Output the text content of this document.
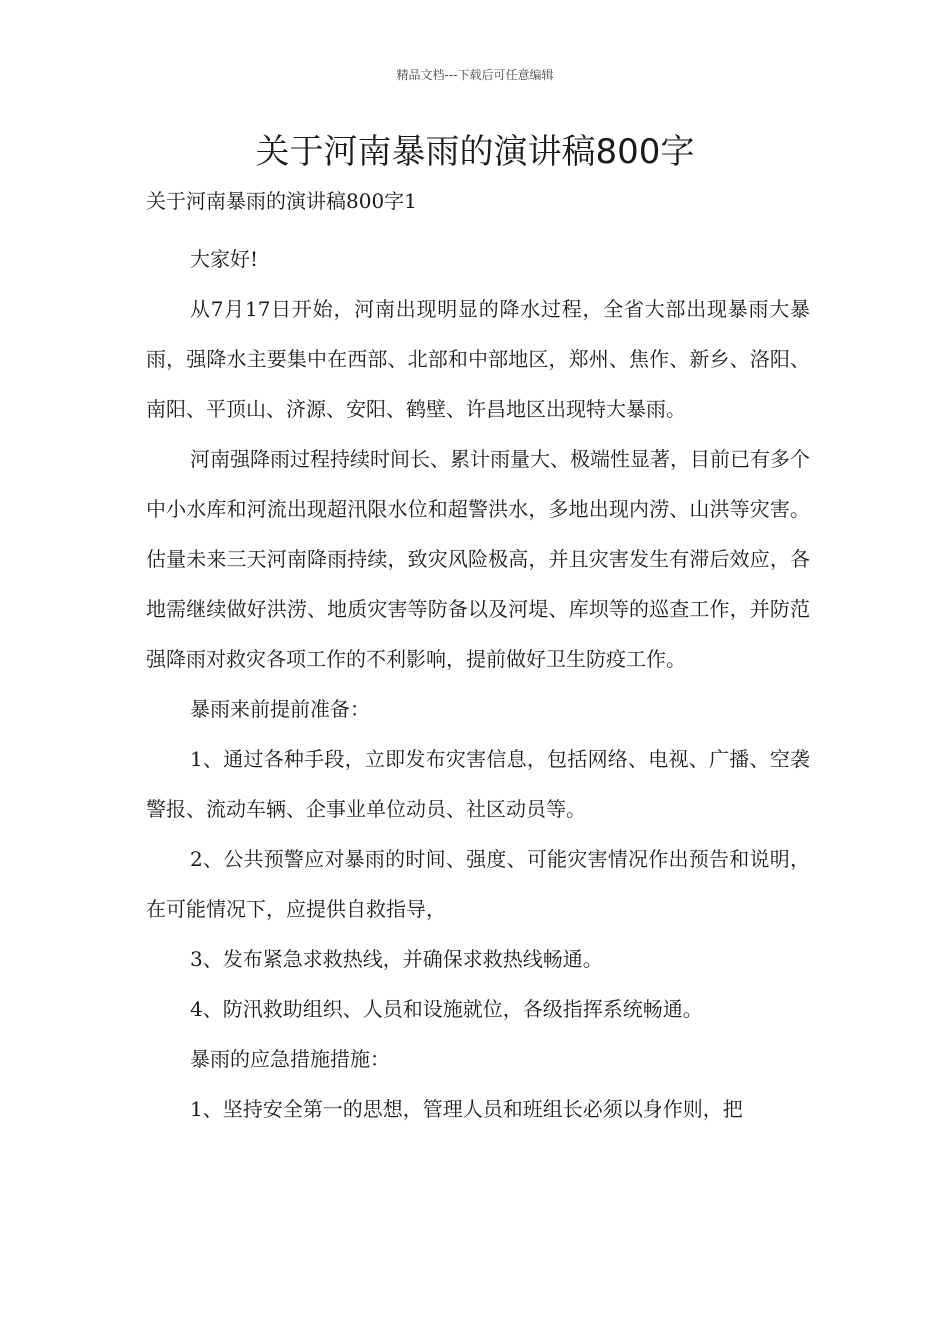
精品文档---下载后可任意编辑
关于河南暴雨的演讲稿800字

关于河南暴雨的演讲稿800字1

大家好!

从7月17日开始，河南出现明显的降水过程，全省大部出现暴雨大暴雨，强降水主要集中在西部、北部和中部地区，郑州、焦作、新乡、洛阳、南阳、平顶山、济源、安阳、鹤壁、许昌地区出现特大暴雨。

河南强降雨过程持续时间长、累计雨量大、极端性显著，目前已有多个中小水库和河流出现超汛限水位和超警洪水，多地出现内涝、山洪等灾害。估量未来三天河南降雨持续，致灾风险极高，并且灾害发生有滞后效应，各地需继续做好洪涝、地质灾害等防备以及河堤、库坝等的巡查工作，并防范强降雨对救灾各项工作的不利影响，提前做好卫生防疫工作。

暴雨来前提前准备：

1、通过各种手段，立即发布灾害信息，包括网络、电视、广播、空袭警报、流动车辆、企事业单位动员、社区动员等。

2、公共预警应对暴雨的时间、强度、可能灾害情况作出预告和说明，在可能情况下，应提供自救指导，

3、发布紧急求救热线，并确保求救热线畅通。

4、防汛救助组织、人员和设施就位，各级指挥系统畅通。

暴雨的应急措施措施：

1、坚持安全第一的思想，管理人员和班组长必须以身作则，把
